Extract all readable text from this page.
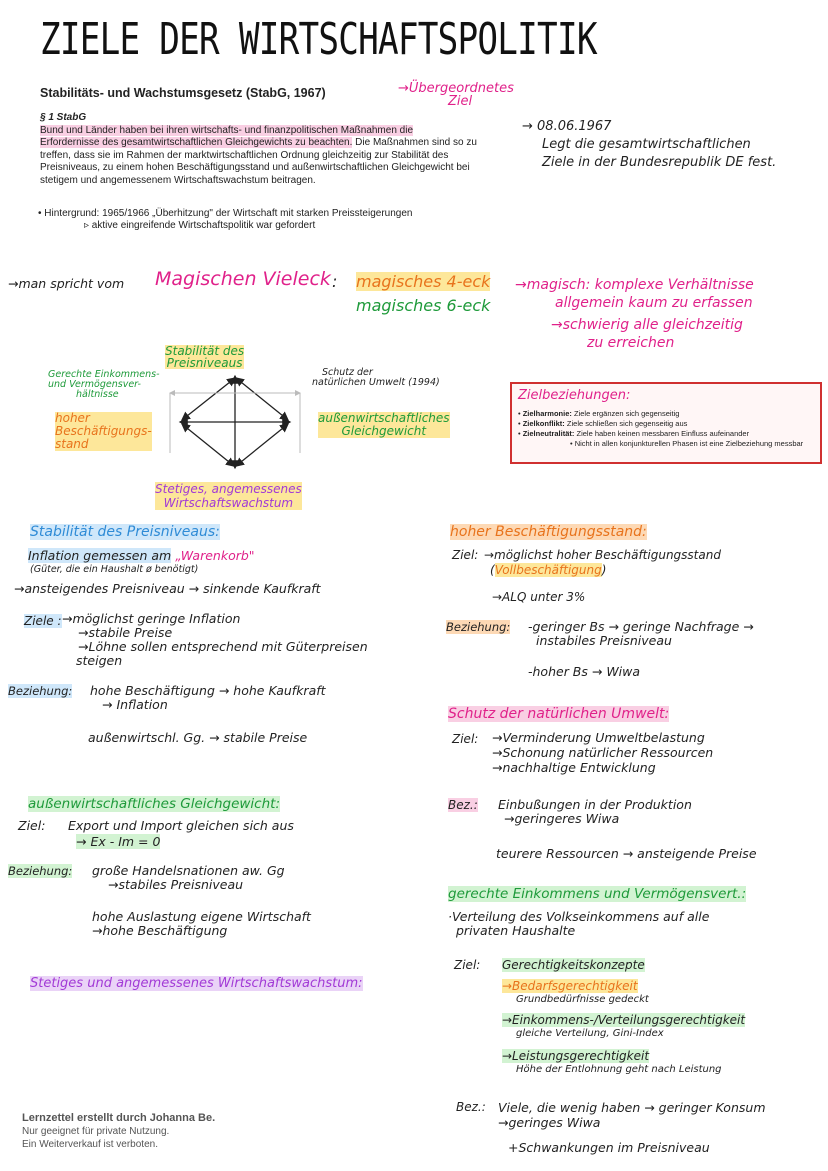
ZIELE DER WIRTSCHAFTSPOLITIK
Stabilitäts- und Wachstumsgesetz (StabG, 1967)	→Übergeordnetes
Ziel
§ 1 StabG
Bund und Länder haben bei ihren wirtschafts- und finanzpolitischen Maßnahmen die
Erfordernisse des gesamtwirtschaftlichen Gleichgewichts zu beachten. Die Maßnahmen sind so zu treffen, dass sie im Rahmen der marktwirtschaftlichen Ordnung gleichzeitig zur Stabilität des Preisniveaus, zu einem hohen Beschäftigungsstand und außenwirtschaftlichen Gleichgewicht bei stetigem und angemessenem Wirtschaftswachstum beitragen.
→ 08.06.1967
Legt die gesamtwirtschaftlichen
Ziele in der Bundesrepublik DE fest.
• Hintergrund: 1965/1966 „Überhitzung" der Wirtschaft mit starken Preissteigerungen
▹ aktive eingreifende Wirtschaftspolitik war gefordert
→man spricht vom Magischen Vieleck : magisches 4-eck
magisches 6-eck
→magisch: komplexe Verhältnisse
allgemein kaum zu erfassen
→schwierig alle gleichzeitig
zu erreichen
Stabilität des
Preisniveaus
Gerechte Einkommens-
und Vermögensver-
hältnisse
hoher
Beschäftigungs-
stand
Schutz der
natürlichen Umwelt (1994)
außenwirtschaftliches
Gleichgewicht
Stetiges, angemessenes
Wirtschaftswachstum
Zielbeziehungen:
• Zielharmonie: Ziele ergänzen sich gegenseitig
• Zielkonflikt: Ziele schließen sich gegenseitig aus
• Zielneutralität: Ziele haben keinen messbaren Einfluss aufeinander
• Nicht in allen konjunkturellen Phasen ist eine Zielbeziehung messbar
Stabilität des Preisniveaus:
Inflation gemessen am „Warenkorb"
(Güter, die ein Haushalt ø benötigt)
→ansteigendes Preisniveau → sinkende Kaufkraft
Ziele : →möglichst geringe Inflation
→stabile Preise
→Löhne sollen entsprechend mit Güterpreisen
steigen
Beziehung: hohe Beschäftigung → hohe Kaufkraft
→ Inflation
außenwirtschl. Gg. → stabile Preise
außenwirtschaftliches Gleichgewicht:
Ziel: Export und Import gleichen sich aus
→ Ex - Im = 0
Beziehung: große Handelsnationen aw. Gg
→stabiles Preisniveau
hohe Auslastung eigene Wirtschaft
→hohe Beschäftigung
Stetiges und angemessenes Wirtschaftswachstum:
hoher Beschäftigungsstand:
Ziel: →möglichst hoher Beschäftigungsstand
(Vollbeschäftigung)
→ALQ unter 3%
Beziehung: -geringer Bs → geringe Nachfrage →
instabiles Preisniveau
-hoher Bs → Wiwa
Schutz der natürlichen Umwelt:
Ziel: →Verminderung Umweltbelastung
→Schonung natürlicher Ressourcen
→nachhaltige Entwicklung
Bez.: Einbußungen in der Produktion
→geringeres Wiwa
teurere Ressourcen → ansteigende Preise
gerechte Einkommens und Vermögensvert.:
·Verteilung des Volkseinkommens auf alle
privaten Haushalte
Ziel: Gerechtigkeitskonzepte
→Bedarfsgerechtigkeit
Grundbedürfnisse gedeckt
→Einkommens-/Verteilungsgerechtigkeit
gleiche Verteilung, Gini-Index
→Leistungsgerechtigkeit
Höhe der Entlohnung geht nach Leistung
Bez.: Viele, die wenig haben → geringer Konsum
→geringes Wiwa
+Schwankungen im Preisniveau
Lernzettel erstellt durch Johanna Be.
Nur geeignet für private Nutzung.
Ein Weiterverkauf ist verboten.
